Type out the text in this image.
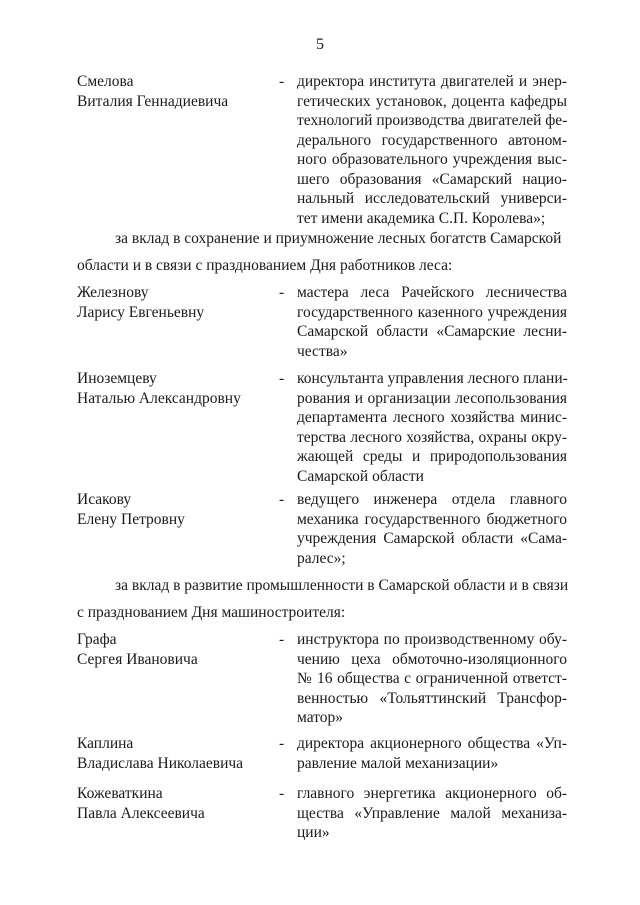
5
Смелова
Виталия Геннадиевича
- директора института двигателей и энер-
гетических установок, доцента кафедры
технологий производства двигателей фе-
дерального государственного автоном-
ного образовательного учреждения выс-
шего образования «Самарский нацио-
нальный исследовательский универси-
тет имени академика С.П. Королева»;
за вклад в сохранение и приумножение лесных богатств Самарской
области и в связи с празднованием Дня работников леса:
Железнову
Ларису Евгеньевну
- мастера леса Рачейского лесничества
государственного казенного учреждения
Самарской области «Самарские лесни-
чества»
Иноземцеву
Наталью Александровну
- консультанта управления лесного плани-
рования и организации лесопользования
департамента лесного хозяйства минис-
терства лесного хозяйства, охраны окру-
жающей среды и природопользования
Самарской области
Исакову
Елену Петровну
- ведущего инженера отдела главного
механика государственного бюджетного
учреждения Самарской области «Сама-
ралес»;
за вклад в развитие промышленности в Самарской области и в связи
с празднованием Дня машиностроителя:
Графа
Сергея Ивановича
- инструктора по производственному обу-
чению цеха обмоточно-изоляционного
№ 16 общества с ограниченной ответст-
венностью «Тольяттинский Трансфор-
матор»
Каплина
Владислава Николаевича
- директора акционерного общества «Уп-
равление малой механизации»
Кожеваткина
Павла Алексеевича
- главного энергетика акционерного об-
щества «Управление малой механиза-
ции»
